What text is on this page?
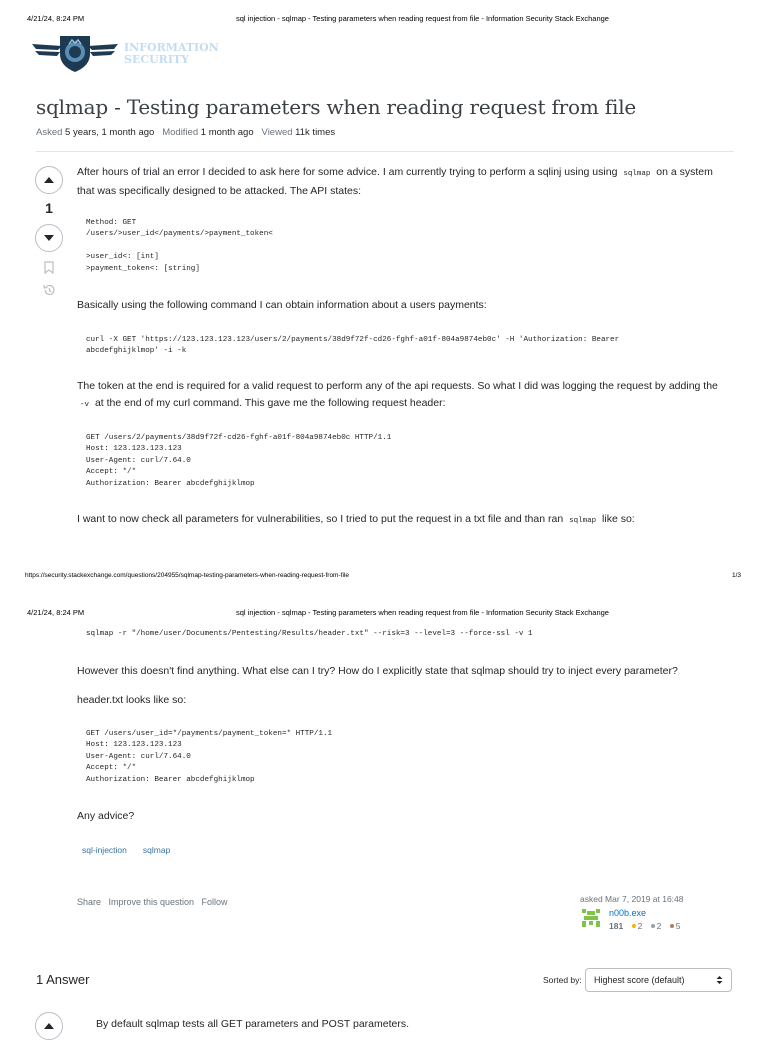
4/21/24, 8:24 PM	sql injection - sqlmap - Testing parameters when reading request from file - Information Security Stack Exchange
INFORMATION
SECURITY
sqlmap - Testing parameters when reading request from file
Asked 5 years, 1 month ago Modified 1 month ago Viewed 11k times
1
After hours of trial an error I decided to ask here for some advice. I am currently trying to perform a sqlinj using using sqlmap on a system that was specifically designed to be attacked. The API states:
Method: GET
/users/>user_id</payments/>payment_token<

>user_id<: [int]
>payment_token<: [string]
Basically using the following command I can obtain information about a users payments:
curl -X GET 'https://123.123.123.123/users/2/payments/38d9f72f-cd26-fghf-a01f-804a9874eb0c' -H 'Authorization: Bearer
abcdefghijklmop' -i -k
The token at the end is required for a valid request to perform any of the api requests. So what I did was logging the request by adding the -v at the end of my curl command. This gave me the following request header:
GET /users/2/payments/38d9f72f-cd26-fghf-a01f-804a9874eb0c HTTP/1.1
Host: 123.123.123.123
User-Agent: curl/7.64.0
Accept: */*
Authorization: Bearer abcdefghijklmop
I want to now check all parameters for vulnerabilities, so I tried to put the request in a txt file and than ran sqlmap like so:
https://security.stackexchange.com/questions/204955/sqlmap-testing-parameters-when-reading-request-from-file	1/3
4/21/24, 8:24 PM	sql injection - sqlmap - Testing parameters when reading request from file - Information Security Stack Exchange
sqlmap -r "/home/user/Documents/Pentesting/Results/header.txt" --risk=3 --level=3 --force-ssl -v 1
However this doesn't find anything. What else can I try? How do I explicitly state that sqlmap should try to inject every parameter?
header.txt looks like so:
GET /users/user_id=*/payments/payment_token=* HTTP/1.1
Host: 123.123.123.123
User-Agent: curl/7.64.0
Accept: */*
Authorization: Bearer abcdefghijklmop
Any advice?
sql-injection	sqlmap
Share Improve this question Follow	asked Mar 7, 2019 at 16:48
n00b.exe
181 2 2 5
1 Answer	Sorted by: Highest score (default)
By default sqlmap tests all GET parameters and POST parameters.
